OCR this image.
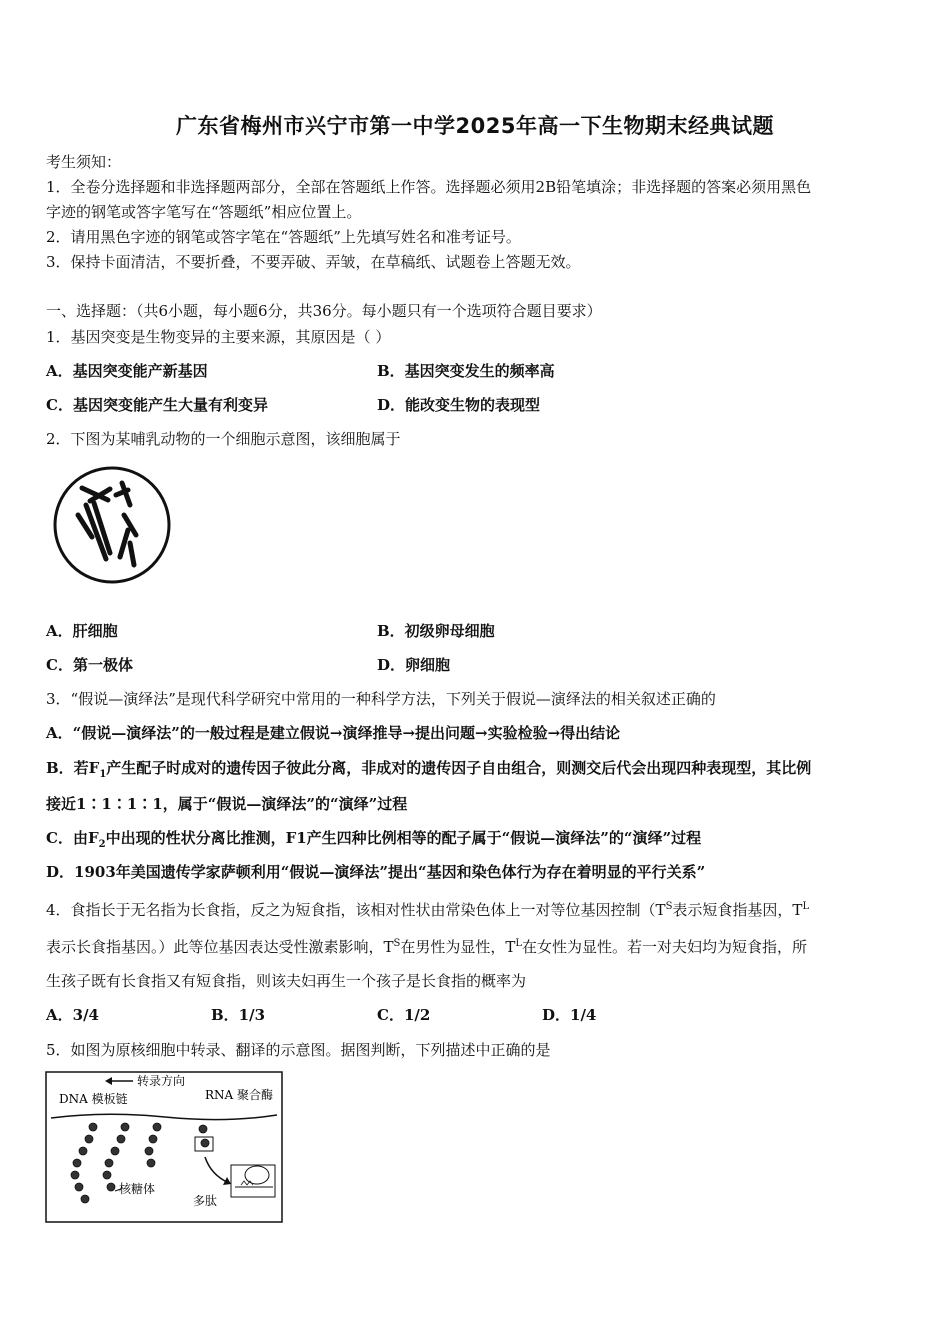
广东省梅州市兴宁市第一中学2025年高一下生物期末经典试题
考生须知：
1．全卷分选择题和非选择题两部分，全部在答题纸上作答。选择题必须用2B铅笔填涂；非选择题的答案必须用黑色
字迹的钢笔或答字笔写在“答题纸”相应位置上。
2．请用黑色字迹的钢笔或答字笔在“答题纸”上先填写姓名和准考证号。
3．保持卡面清洁，不要折叠，不要弄破、弄皱，在草稿纸、试题卷上答题无效。
一、选择题：（共6小题，每小题6分，共36分。每小题只有一个选项符合题目要求）
1．基因突变是生物变异的主要来源，其原因是（ ）
A．基因突变能产新基因	B．基因突变发生的频率高
C．基因突变能产生大量有利变异	D．能改变生物的表现型
2．下图为某哺乳动物的一个细胞示意图，该细胞属于
A．肝细胞	B．初级卵母细胞
C．第一极体	D．卵细胞
3．“假说—演绎法”是现代科学研究中常用的一种科学方法，下列关于假说—演绎法的相关叙述正确的
A．“假说—演绎法”的一般过程是建立假说→演绎推导→提出问题→实验检验→得出结论
B．若$F_1$产生配子时成对的遗传因子彼此分离，非成对的遗传因子自由组合，则测交后代会出现四种表现型，其比例
接近1∶1∶1∶1，属于“假说—演绎法”的“演绎”过程
C．由$F_2$中出现的性状分离比推测，F1产生四种比例相等的配子属于“假说—演绎法”的“演绎”过程
D．1903年美国遗传学家萨顿利用“假说—演绎法”提出“基因和染色体行为存在着明显的平行关系”
4．食指长于无名指为长食指，反之为短食指，该相对性状由常染色体上一对等位基因控制（$T^S$表示短食指基因，$T^L$
表示长食指基因。）此等位基因表达受性激素影响，$T^S$在男性为显性，$T^L$在女性为显性。若一对夫妇均为短食指，所
生孩子既有长食指又有短食指，则该夫妇再生一个孩子是长食指的概率为
A．3/4	B．1/3	C．1/2	D．1/4
5．如图为原核细胞中转录、翻译的示意图。据图判断，下列描述中正确的是
转录方向
DNA 模板链	RNA 聚合酶
核糖体
多肽
